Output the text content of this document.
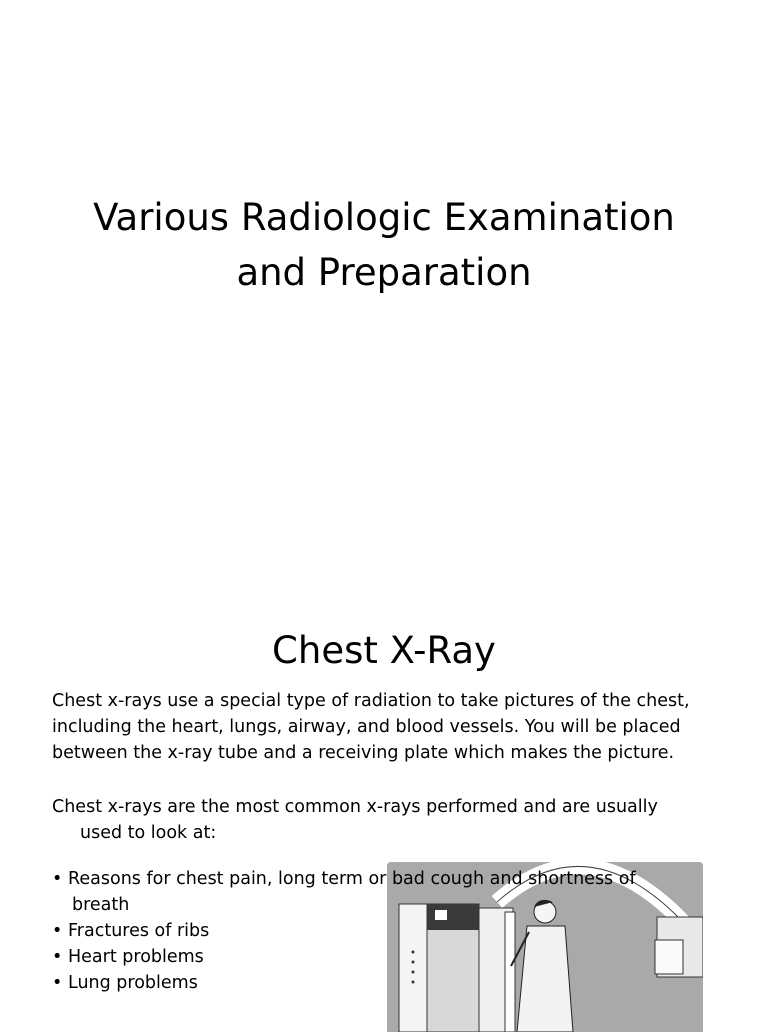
Various Radiologic Examination
and Preparation
Chest X-Ray
Chest x-rays use a special type of radiation to take pictures of the chest,
including the heart, lungs, airway, and blood vessels. You will be placed
between the x-ray tube and a receiving plate which makes the picture.
Chest x-rays are the most common x-rays performed and are usually
used to look at:
• Reasons for chest pain, long term or bad cough and shortness of
breath
• Fractures of ribs
• Heart problems
• Lung problems
